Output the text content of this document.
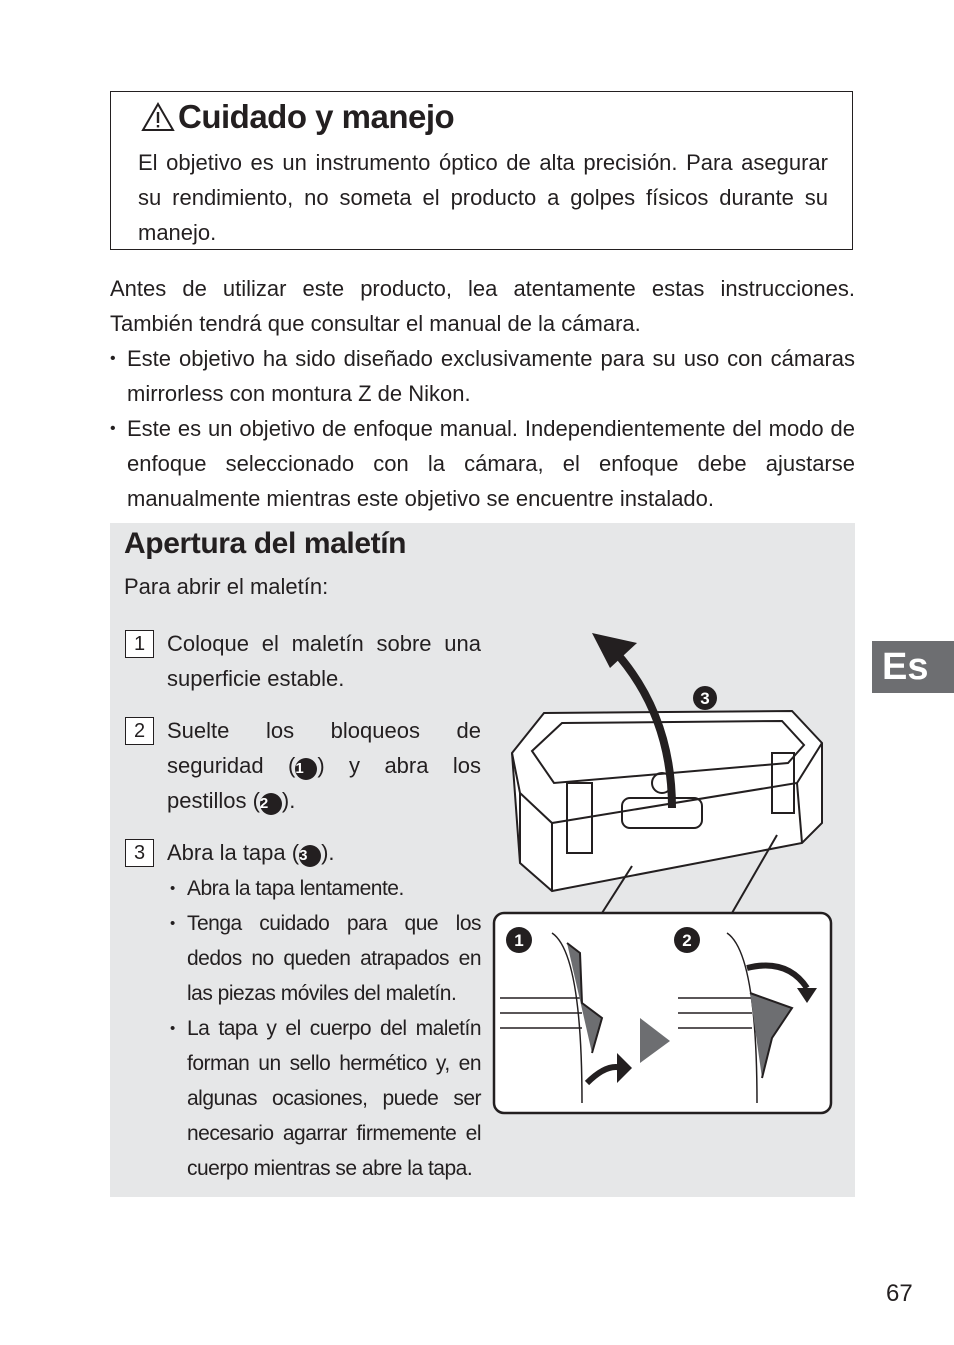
Cuidado y manejo
El objetivo es un instrumento óptico de alta precisión. Para asegurar su rendimiento, no someta el producto a golpes físicos durante su manejo.

Antes de utilizar este producto, lea atentamente estas instrucciones. También tendrá que consultar el manual de la cámara.

• Este objetivo ha sido diseñado exclusivamente para su uso con cámaras mirrorless con montura Z de Nikon.
• Este es un objetivo de enfoque manual. Independientemente del modo de enfoque seleccionado con la cámara, el enfoque debe ajustarse manualmente mientras este objetivo se encuentre instalado.
Apertura del maletín
Para abrir el maletín:
1 Coloque el maletín sobre una superficie estable.
2 Suelte los bloqueos de seguridad (1 ) y abra los pestillos (2 ).
3 Abra la tapa (3 ).
• Abra la tapa lentamente.
• Tenga cuidado para que los dedos no queden atrapados en las piezas móviles del maletín.
• La tapa y el cuerpo del maletín forman un sello hermético y, en algunas ocasiones, puede ser necesario agarrar firmemente el cuerpo mientras se abre la tapa.
3
1	2
Es
67
